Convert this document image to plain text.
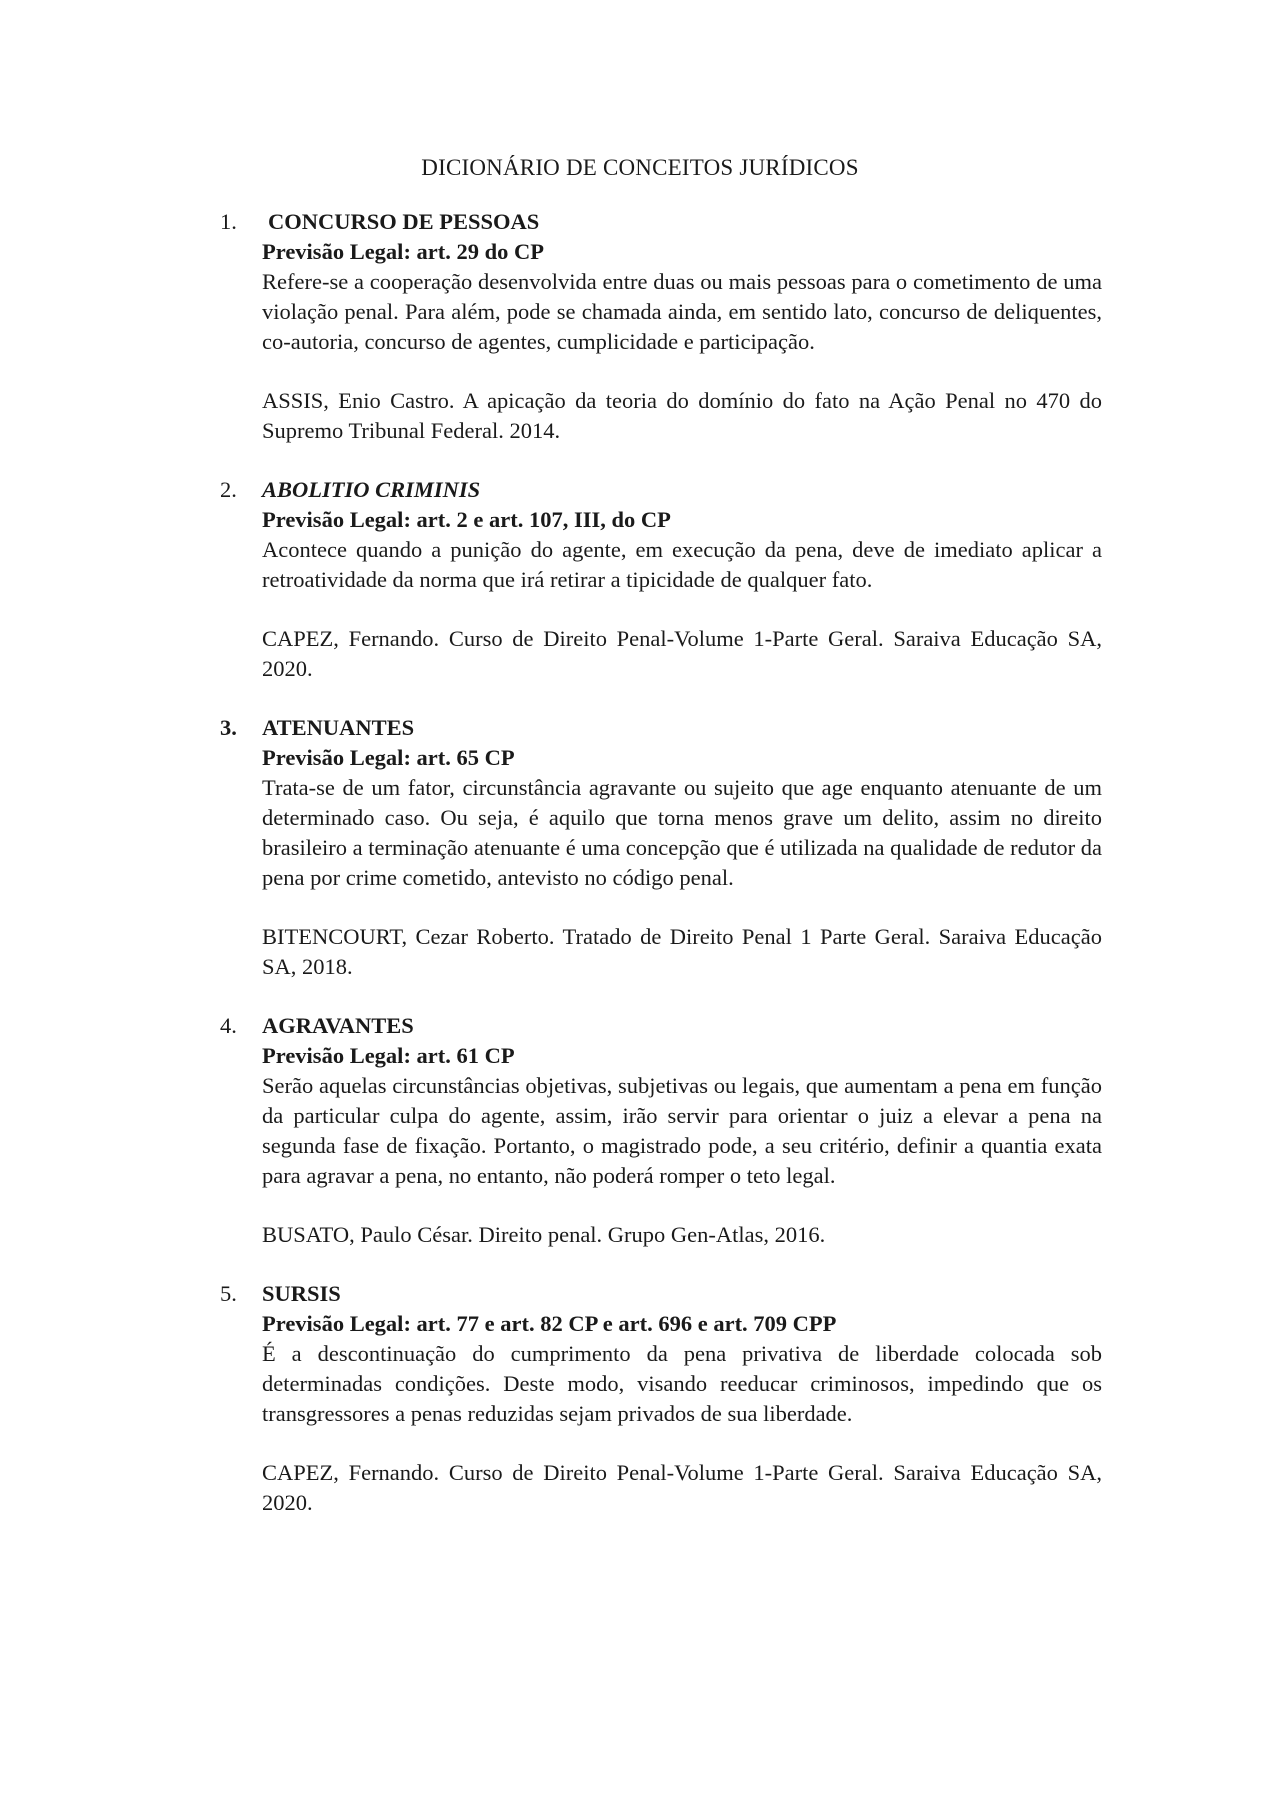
DICIONÁRIO DE CONCEITOS JURÍDICOS
1.	CONCURSO DE PESSOAS
Previsão Legal: art. 29 do CP

Refere-se a cooperação desenvolvida entre duas ou mais pessoas para o cometimento de uma violação penal. Para além, pode se chamada ainda, em sentido lato, concurso de deliquentes, co-autoria, concurso de agentes, cumplicidade e participação.

ASSIS, Enio Castro. A apicação da teoria do domínio do fato na Ação Penal no 470 do Supremo Tribunal Federal. 2014.
2.	ABOLITIO CRIMINIS
Previsão Legal: art. 2 e art. 107, III, do CP

Acontece quando a punição do agente, em execução da pena, deve de imediato aplicar a retroatividade da norma que irá retirar a tipicidade de qualquer fato.

CAPEZ, Fernando. Curso de Direito Penal-Volume 1-Parte Geral. Saraiva Educação SA, 2020.
3.	ATENUANTES
Previsão Legal: art. 65 CP

Trata-se de um fator, circunstância agravante ou sujeito que age enquanto atenuante de um determinado caso. Ou seja, é aquilo que torna menos grave um delito, assim no direito brasileiro a terminação atenuante é uma concepção que é utilizada na qualidade de redutor da pena por crime cometido, antevisto no código penal.

BITENCOURT, Cezar Roberto. Tratado de Direito Penal 1 Parte Geral. Saraiva Educação SA, 2018.
4.	AGRAVANTES
Previsão Legal: art. 61 CP

Serão aquelas circunstâncias objetivas, subjetivas ou legais, que aumentam a pena em função da particular culpa do agente, assim, irão servir para orientar o juiz a elevar a pena na segunda fase de fixação. Portanto, o magistrado pode, a seu critério, definir a quantia exata para agravar a pena, no entanto, não poderá romper o teto legal.

BUSATO, Paulo César. Direito penal. Grupo Gen-Atlas, 2016.
5.	SURSIS
Previsão Legal: art. 77 e art. 82 CP e art. 696 e art. 709 CPP

É a descontinuação do cumprimento da pena privativa de liberdade colocada sob determinadas condições. Deste modo, visando reeducar criminosos, impedindo que os transgressores a penas reduzidas sejam privados de sua liberdade.

CAPEZ, Fernando. Curso de Direito Penal-Volume 1-Parte Geral. Saraiva Educação SA, 2020.
